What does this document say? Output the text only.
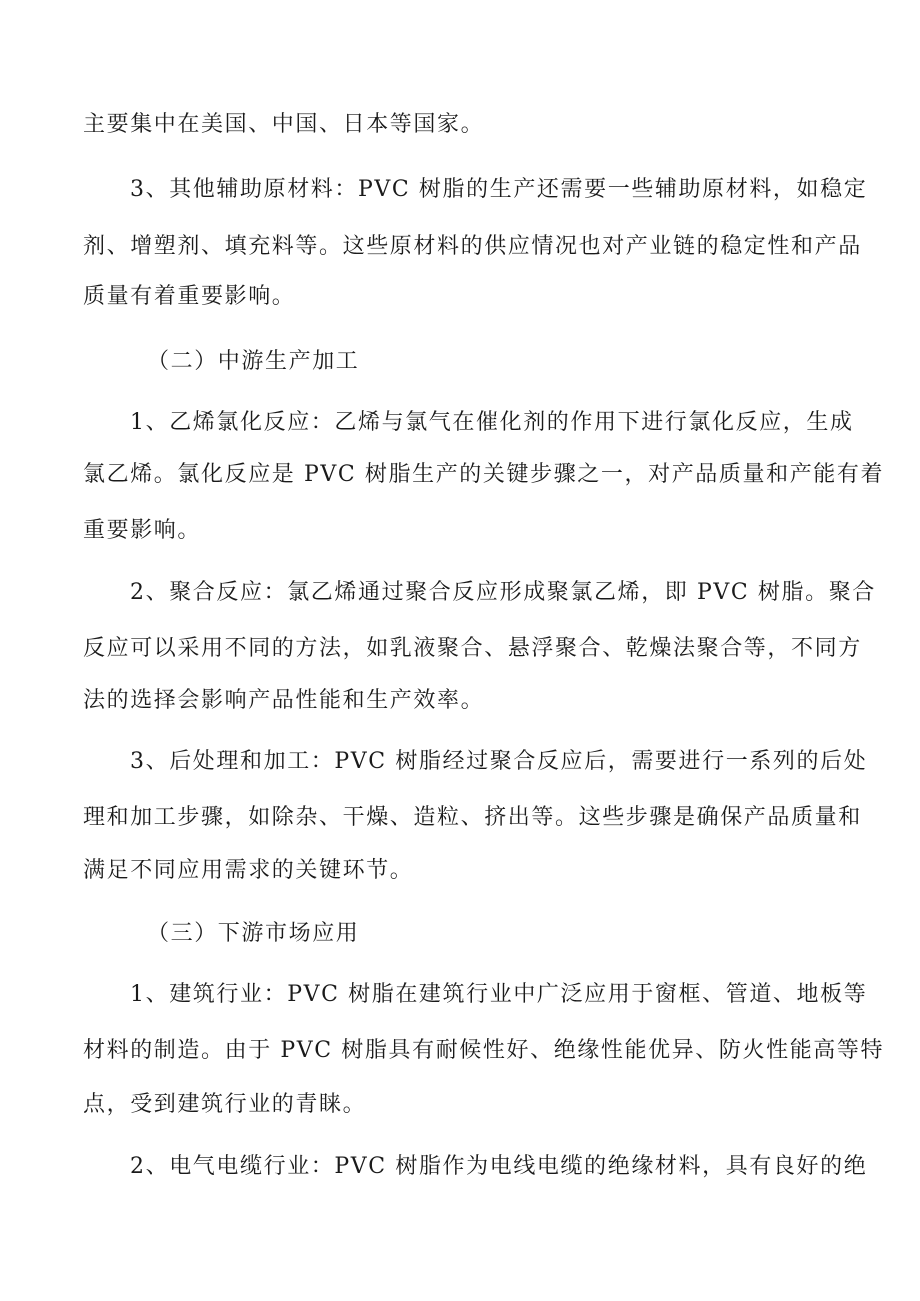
主要集中在美国、中国、日本等国家。
3、其他辅助原材料：PVC 树脂的生产还需要一些辅助原材料，如稳定
剂、增塑剂、填充料等。这些原材料的供应情况也对产业链的稳定性和产品
质量有着重要影响。
（二）中游生产加工
1、乙烯氯化反应：乙烯与氯气在催化剂的作用下进行氯化反应，生成
氯乙烯。氯化反应是 PVC 树脂生产的关键步骤之一，对产品质量和产能有着
重要影响。
2、聚合反应：氯乙烯通过聚合反应形成聚氯乙烯，即 PVC 树脂。聚合
反应可以采用不同的方法，如乳液聚合、悬浮聚合、乾燥法聚合等，不同方
法的选择会影响产品性能和生产效率。
3、后处理和加工：PVC 树脂经过聚合反应后，需要进行一系列的后处
理和加工步骤，如除杂、干燥、造粒、挤出等。这些步骤是确保产品质量和
满足不同应用需求的关键环节。
（三）下游市场应用
1、建筑行业：PVC 树脂在建筑行业中广泛应用于窗框、管道、地板等
材料的制造。由于 PVC 树脂具有耐候性好、绝缘性能优异、防火性能高等特
点，受到建筑行业的青睐。
2、电气电缆行业：PVC 树脂作为电线电缆的绝缘材料，具有良好的绝
